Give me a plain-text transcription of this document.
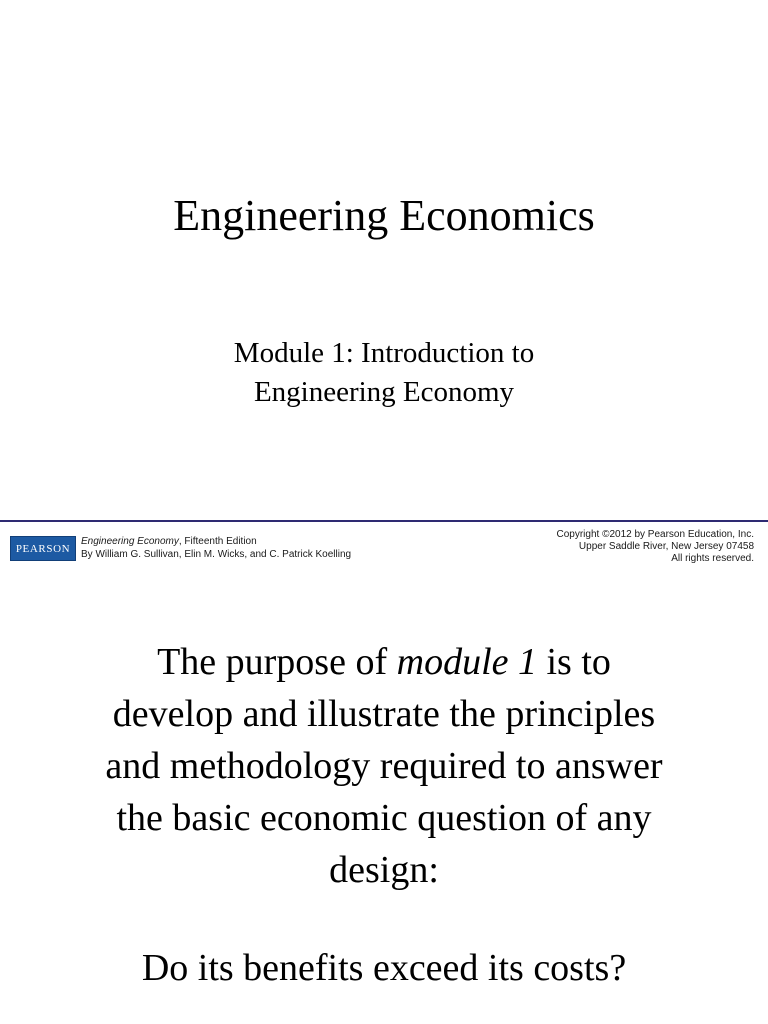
Engineering Economics
Module 1: Introduction to
Engineering Economy
PEARSON
Engineering Economy, Fifteenth Edition
By William G. Sullivan, Elin M. Wicks, and C. Patrick Koelling
Copyright ©2012 by Pearson Education, Inc.
Upper Saddle River, New Jersey 07458
All rights reserved.
The purpose of module 1 is to
develop and illustrate the principles
and methodology required to answer
the basic economic question of any
design:
Do its benefits exceed its costs?
